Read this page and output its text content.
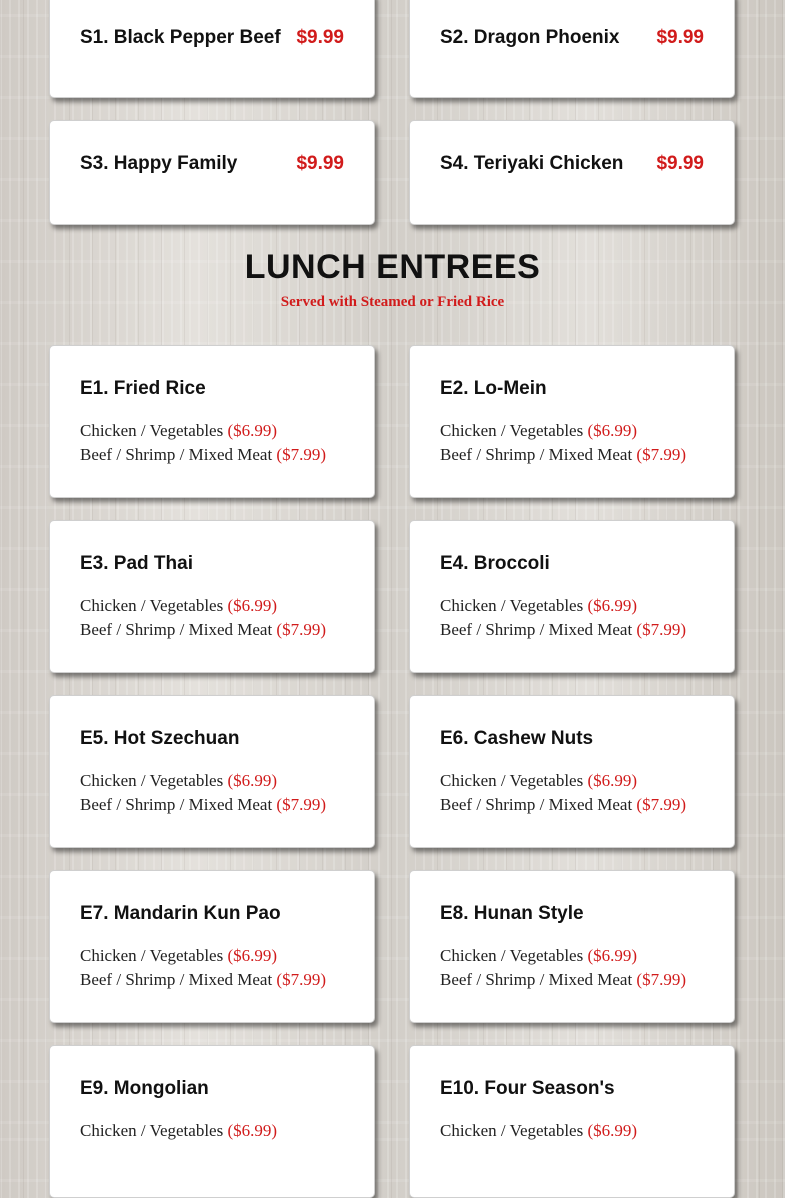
S1. Black Pepper Beef $9.99	S2. Dragon Phoenix $9.99
S3. Happy Family	$9.99	S4. Teriyaki Chicken $9.99
LUNCH ENTREES
Served with Steamed or Fried Rice
E1. Fried Rice
Chicken / Vegetables ($6.99)
Beef / Shrimp / Mixed Meat ($7.99)
E2. Lo-Mein
Chicken / Vegetables ($6.99)
Beef / Shrimp / Mixed Meat ($7.99)
E3. Pad Thai
Chicken / Vegetables ($6.99)
Beef / Shrimp / Mixed Meat ($7.99)
E4. Broccoli
Chicken / Vegetables ($6.99)
Beef / Shrimp / Mixed Meat ($7.99)
E5. Hot Szechuan
Chicken / Vegetables ($6.99)
Beef / Shrimp / Mixed Meat ($7.99)
E6. Cashew Nuts
Chicken / Vegetables ($6.99)
Beef / Shrimp / Mixed Meat ($7.99)
E7. Mandarin Kun Pao
Chicken / Vegetables ($6.99)
Beef / Shrimp / Mixed Meat ($7.99)
E8. Hunan Style
Chicken / Vegetables ($6.99)
Beef / Shrimp / Mixed Meat ($7.99)
E9. Mongolian
Chicken / Vegetables ($6.99)
E10. Four Season's
Chicken / Vegetables ($6.99)
